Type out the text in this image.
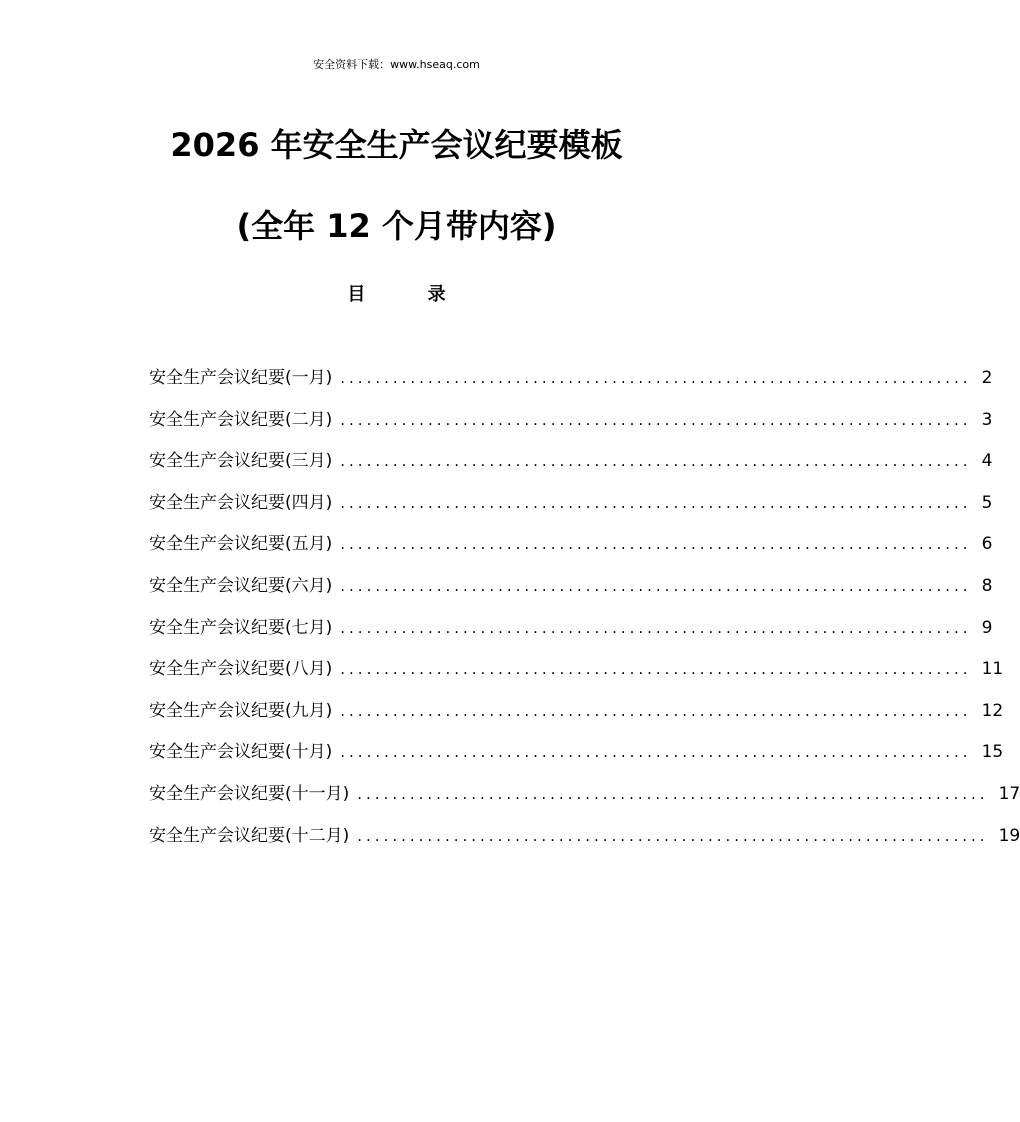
安全资料下载：www.hseaq.com
2026 年安全生产会议纪要模板
(全年 12 个月带内容)
目 录
安全生产会议纪要(一月) ........................................................................ 2
安全生产会议纪要(二月) ........................................................................ 3
安全生产会议纪要(三月) ........................................................................ 4
安全生产会议纪要(四月) ........................................................................ 5
安全生产会议纪要(五月) ........................................................................ 6
安全生产会议纪要(六月) ........................................................................ 8
安全生产会议纪要(七月) ........................................................................ 9
安全生产会议纪要(八月) ........................................................................ 11
安全生产会议纪要(九月) ........................................................................ 12
安全生产会议纪要(十月) ........................................................................ 15
安全生产会议纪要(十一月) ........................................................................ 17
安全生产会议纪要(十二月) ........................................................................ 19
